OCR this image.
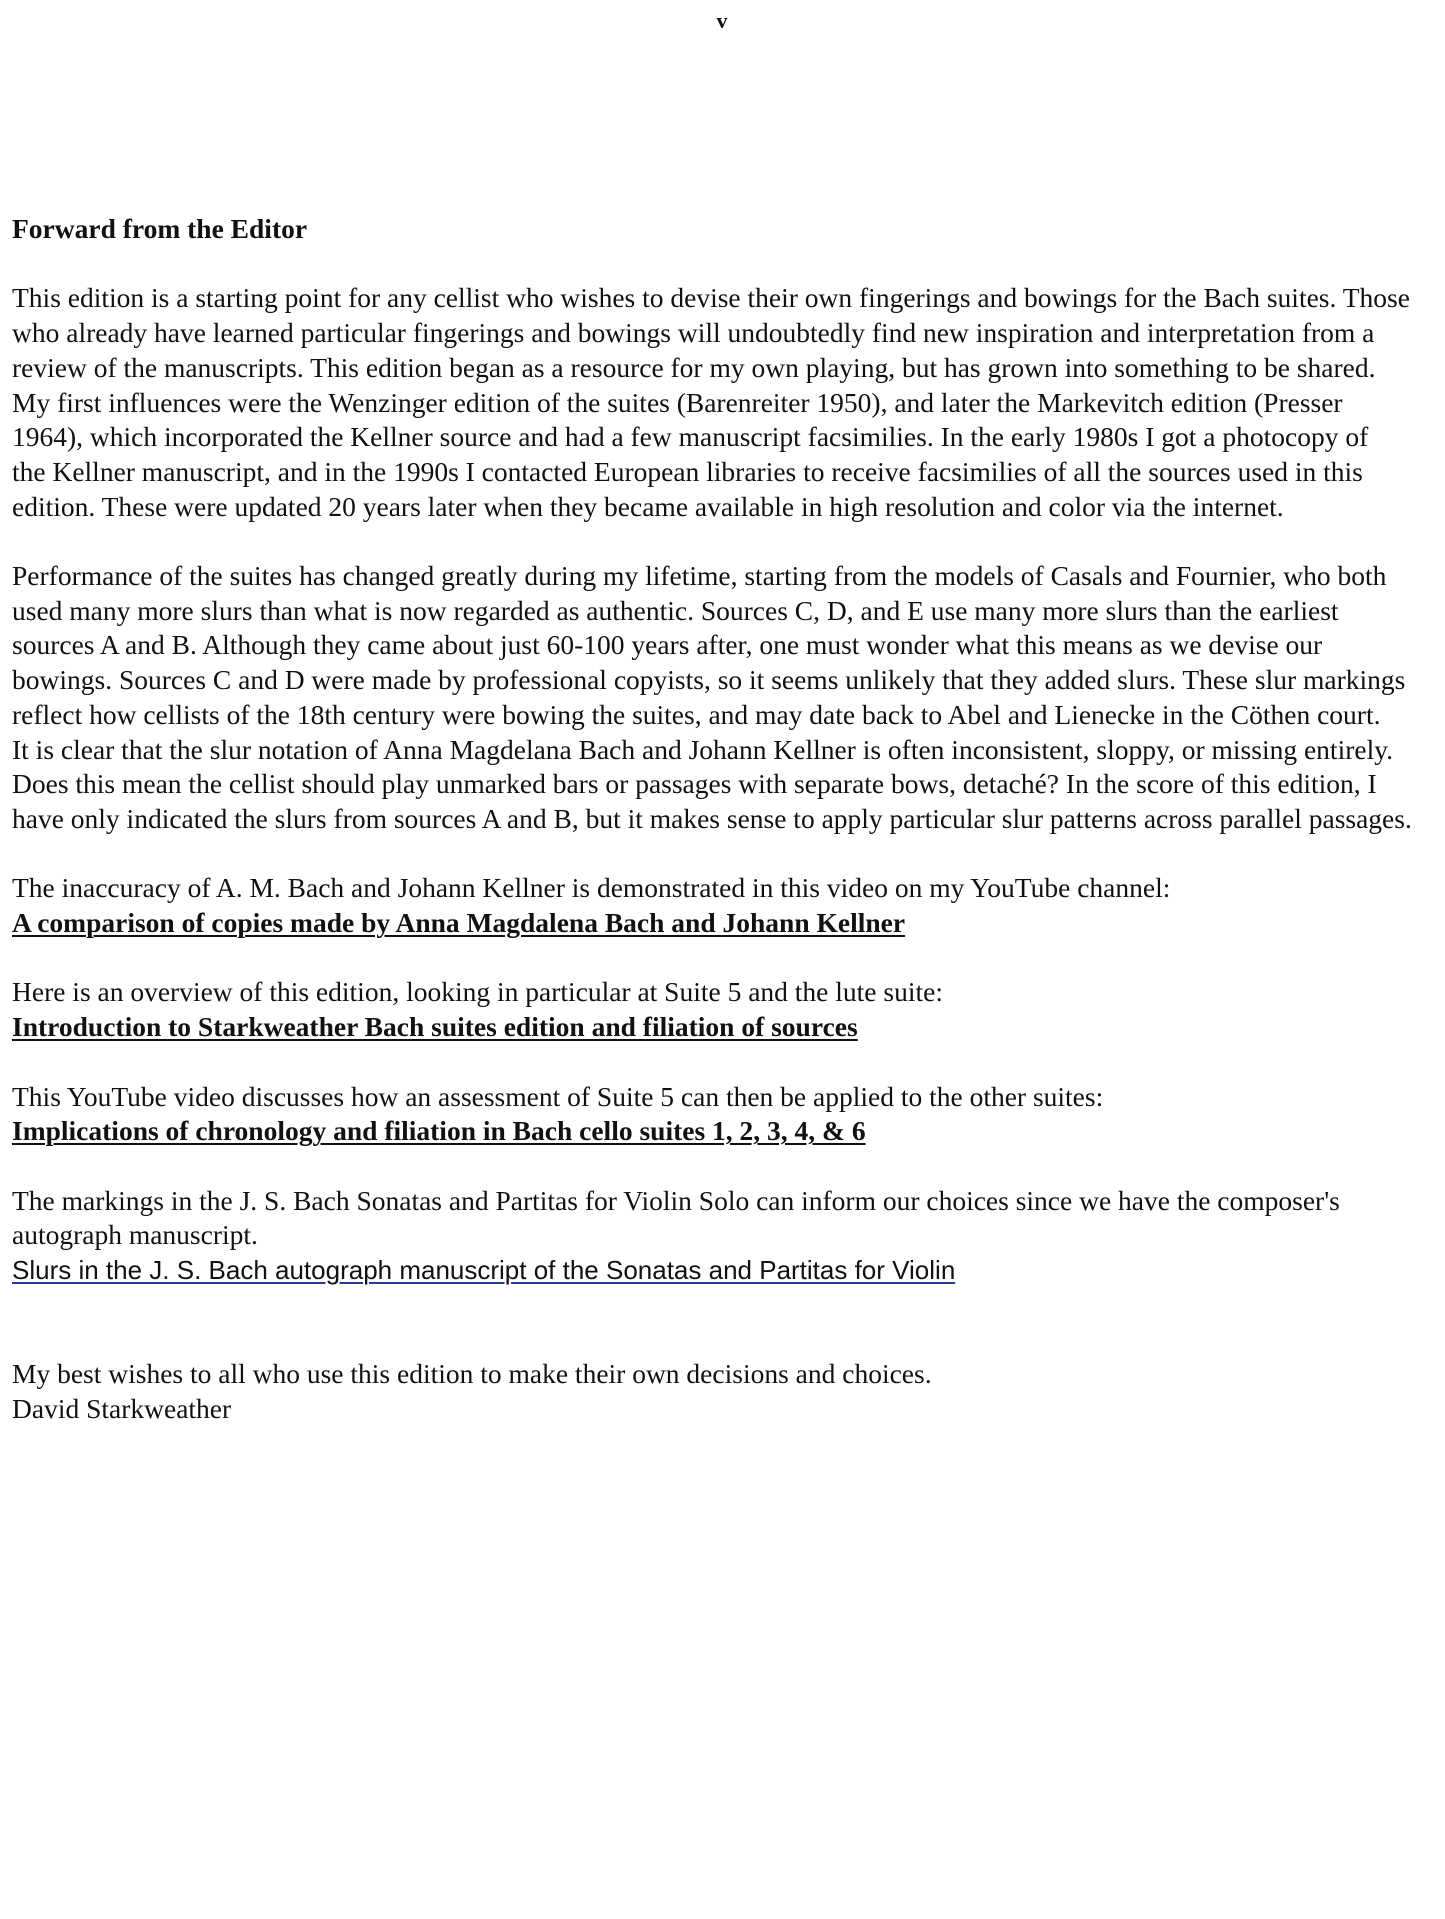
v
Forward from the Editor

This edition is a starting point for any cellist who wishes to devise their own fingerings and bowings for the Bach suites. Those
who already have learned particular fingerings and bowings will undoubtedly find new inspiration and interpretation from a
review of the manuscripts. This edition began as a resource for my own playing, but has grown into something to be shared.
My first influences were the Wenzinger edition of the suites (Barenreiter 1950), and later the Markevitch edition (Presser
1964), which incorporated the Kellner source and had a few manuscript facsimilies. In the early 1980s I got a photocopy of
the Kellner manuscript, and in the 1990s I contacted European libraries to receive facsimilies of all the sources used in this
edition. These were updated 20 years later when they became available in high resolution and color via the internet.

Performance of the suites has changed greatly during my lifetime, starting from the models of Casals and Fournier, who both
used many more slurs than what is now regarded as authentic. Sources C, D, and E use many more slurs than the earliest
sources A and B. Although they came about just 60-100 years after, one must wonder what this means as we devise our
bowings. Sources C and D were made by professional copyists, so it seems unlikely that they added slurs. These slur markings
reflect how cellists of the 18th century were bowing the suites, and may date back to Abel and Lienecke in the Cöthen court.
It is clear that the slur notation of Anna Magdelana Bach and Johann Kellner is often inconsistent, sloppy, or missing entirely.
Does this mean the cellist should play unmarked bars or passages with separate bows, detaché? In the score of this edition, I
have only indicated the slurs from sources A and B, but it makes sense to apply particular slur patterns across parallel passages.

The inaccuracy of A. M. Bach and Johann Kellner is demonstrated in this video on my YouTube channel:
A comparison of copies made by Anna Magdalena Bach and Johann Kellner

Here is an overview of this edition, looking in particular at Suite 5 and the lute suite:
Introduction to Starkweather Bach suites edition and filiation of sources

This YouTube video discusses how an assessment of Suite 5 can then be applied to the other suites:
Implications of chronology and filiation in Bach cello suites 1, 2, 3, 4, & 6

The markings in the J. S. Bach Sonatas and Partitas for Violin Solo can inform our choices since we have the composer's
autograph manuscript.
Slurs in the J. S. Bach autograph manuscript of the Sonatas and Partitas for Violin

My best wishes to all who use this edition to make their own decisions and choices.
David Starkweather
